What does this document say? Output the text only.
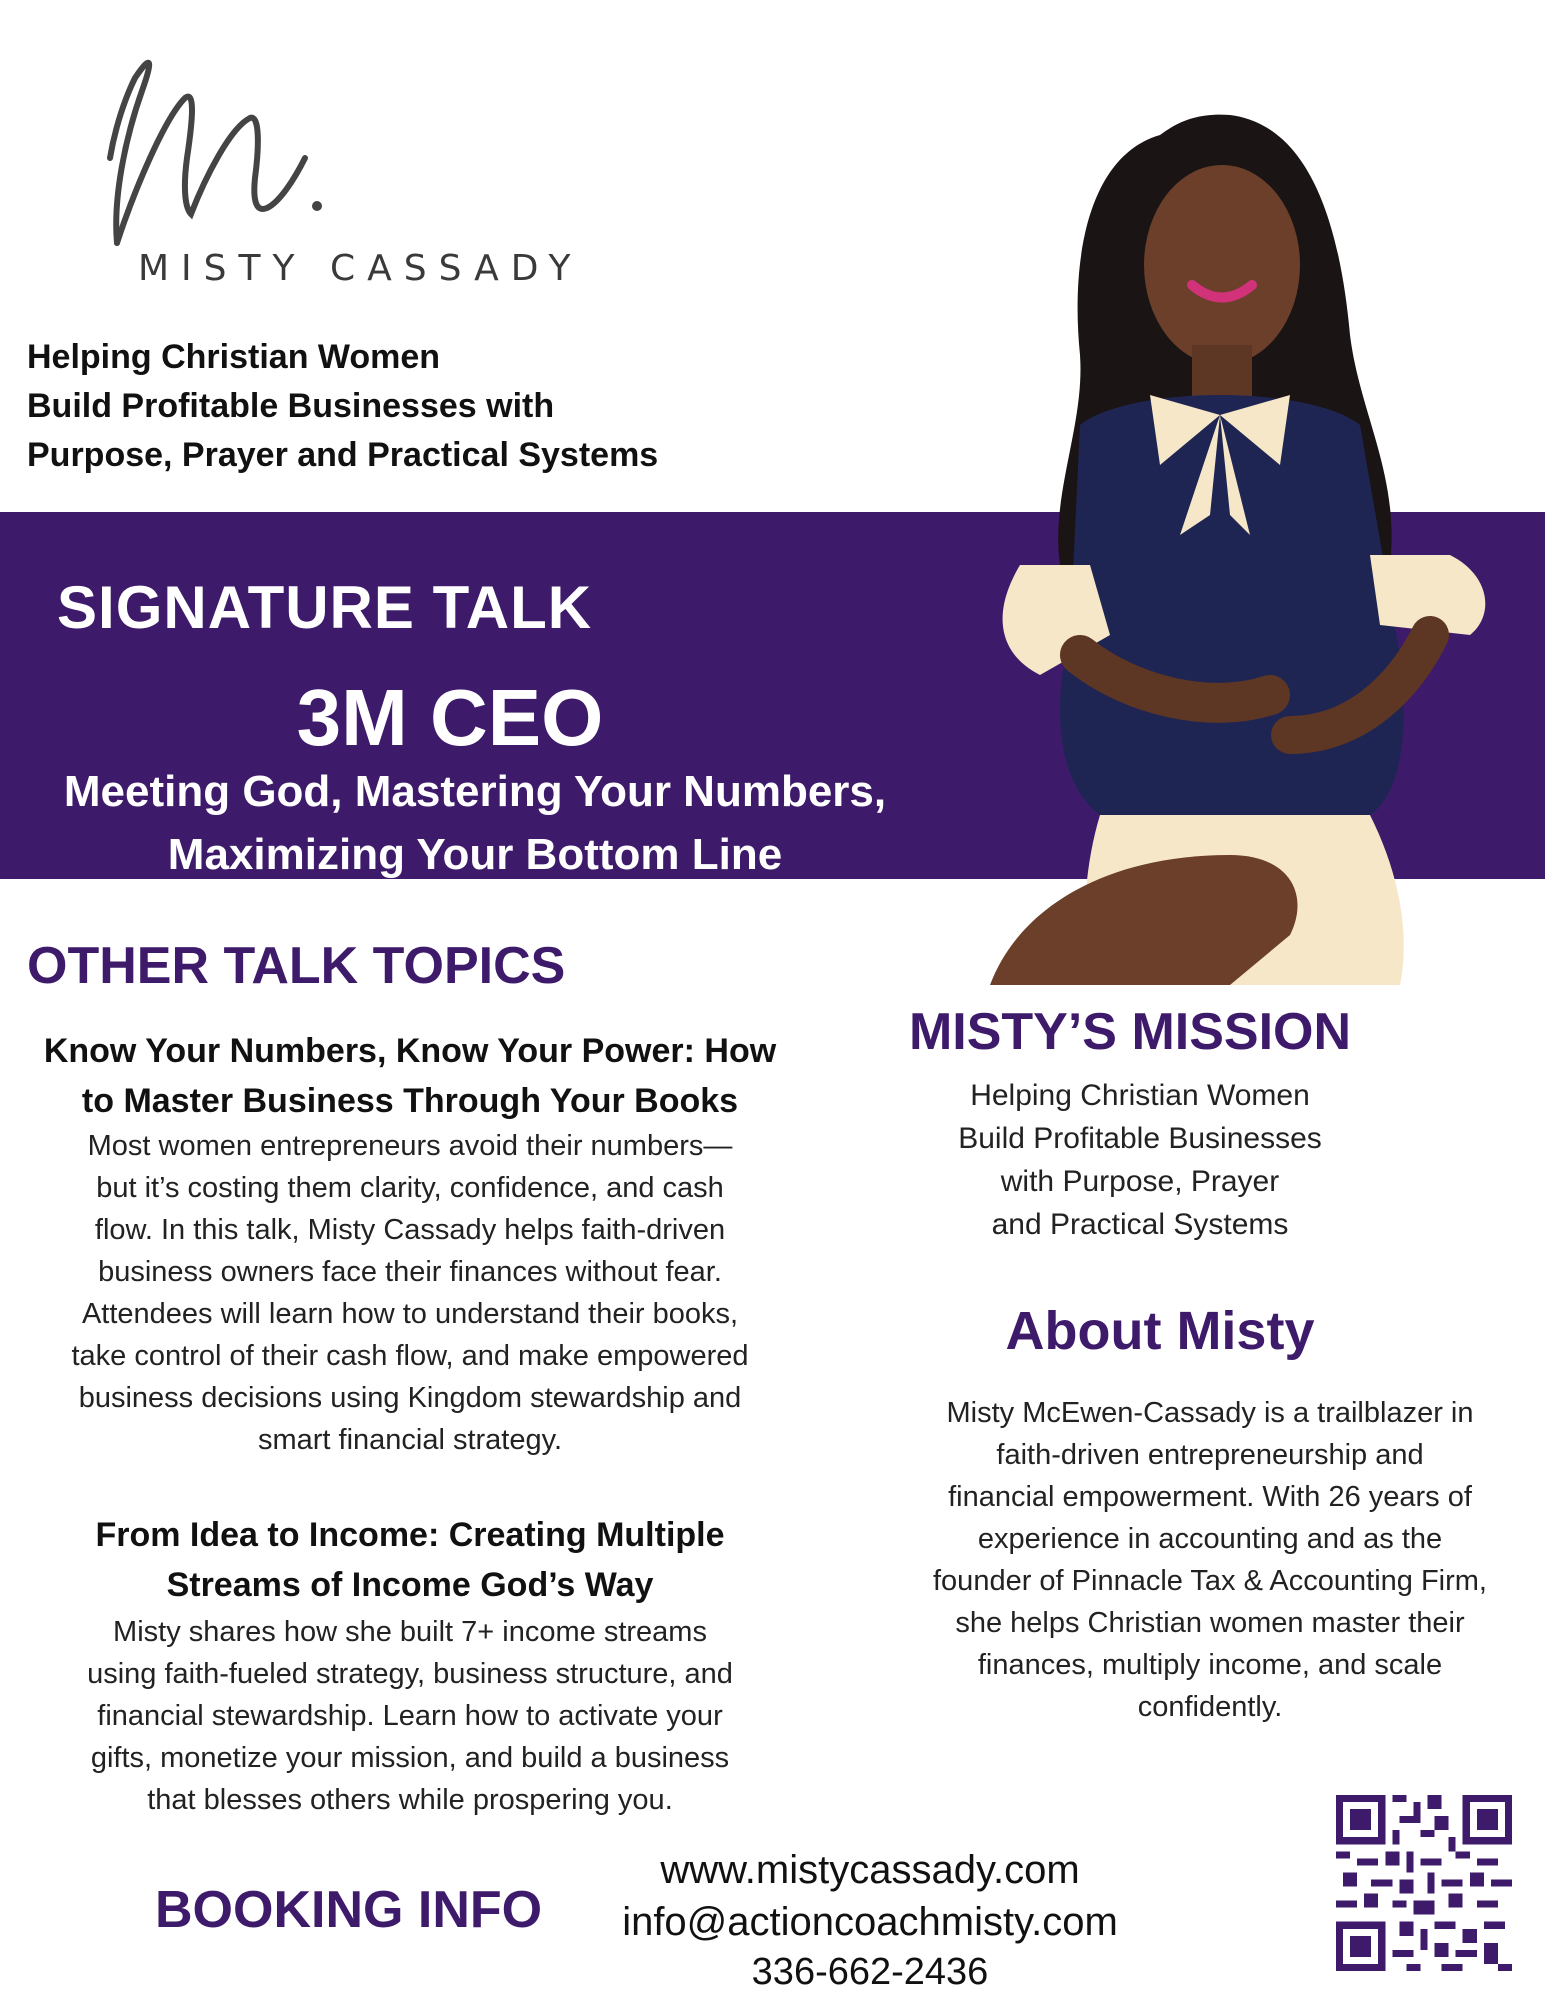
MISTY CASSADY
Helping Christian Women
Build Profitable Businesses with
Purpose, Prayer and Practical Systems
SIGNATURE TALK
3M CEO
Meeting God, Mastering Your Numbers,
Maximizing Your Bottom Line
OTHER TALK TOPICS
Know Your Numbers, Know Your Power: How
to Master Business Through Your Books
Most women entrepreneurs avoid their numbers—
but it’s costing them clarity, confidence, and cash
flow. In this talk, Misty Cassady helps faith-driven
business owners face their finances without fear.
Attendees will learn how to understand their books,
take control of their cash flow, and make empowered
business decisions using Kingdom stewardship and
smart financial strategy.
From Idea to Income: Creating Multiple
Streams of Income God’s Way
Misty shares how she built 7+ income streams
using faith-fueled strategy, business structure, and
financial stewardship. Learn how to activate your
gifts, monetize your mission, and build a business
that blesses others while prospering you.
MISTY’S MISSION
Helping Christian Women
Build Profitable Businesses
with Purpose, Prayer
and Practical Systems
About Misty
Misty McEwen-Cassady is a trailblazer in
faith-driven entrepreneurship and
financial empowerment. With 26 years of
experience in accounting and as the
founder of Pinnacle Tax & Accounting Firm,
she helps Christian women master their
finances, multiply income, and scale
confidently.
BOOKING INFO
www.mistycassady.com
info@actioncoachmisty.com
336-662-2436
